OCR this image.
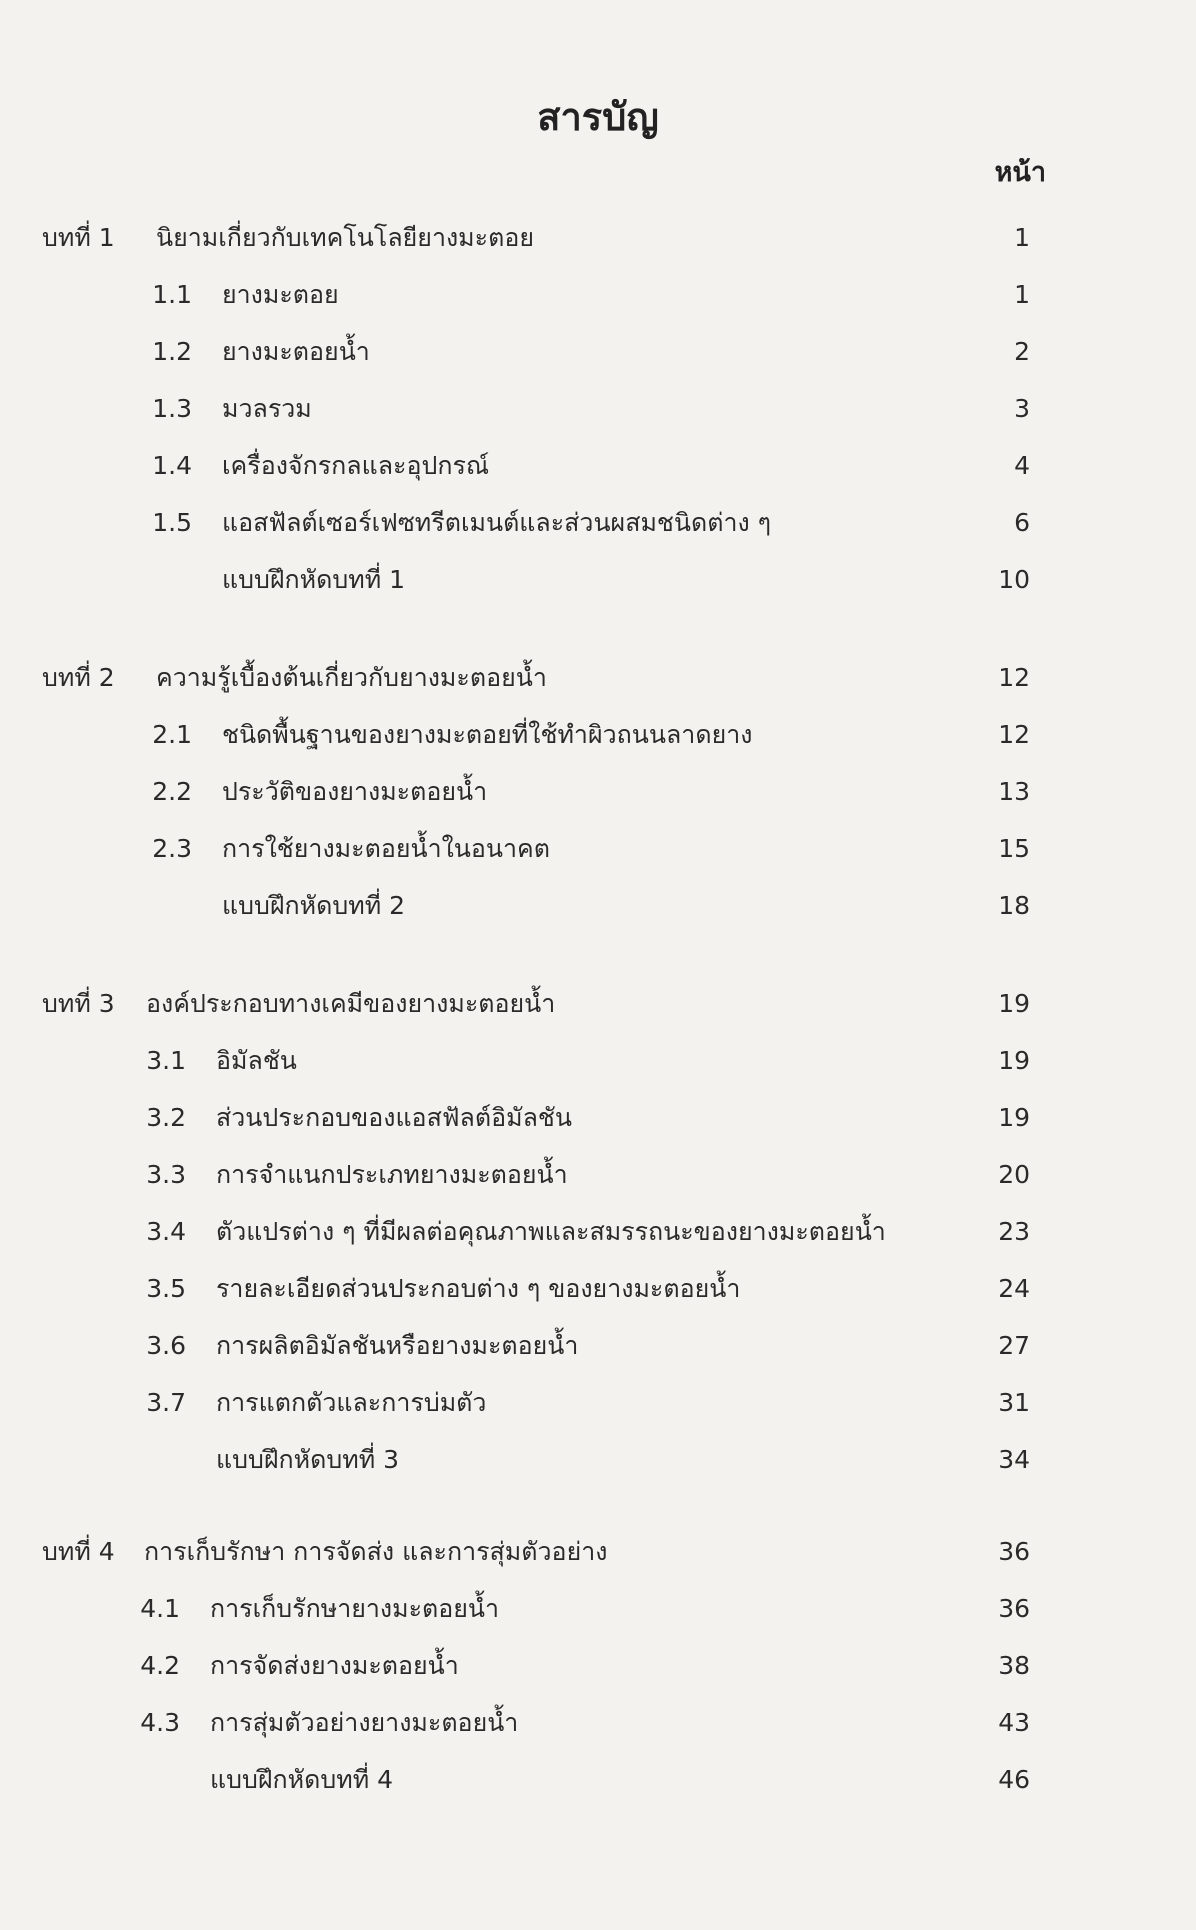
สารบัญ
หน้า
บทที่ 1 นิยามเกี่ยวกับเทคโนโลยียางมะตอย	1
1.1 ยางมะตอย	1
1.2 ยางมะตอยน้ำ	2
1.3 มวลรวม	3
1.4 เครื่องจักรกลและอุปกรณ์	4
1.5 แอสฟัลต์เซอร์เฟซทรีตเมนต์และส่วนผสมชนิดต่าง ๆ	6
แบบฝึกหัดบทที่ 1	10
บทที่ 2 ความรู้เบื้องต้นเกี่ยวกับยางมะตอยน้ำ	12
2.1 ชนิดพื้นฐานของยางมะตอยที่ใช้ทำผิวถนนลาดยาง	12
2.2 ประวัติของยางมะตอยน้ำ	13
2.3 การใช้ยางมะตอยน้ำในอนาคต	15
แบบฝึกหัดบทที่ 2	18
บทที่ 3 องค์ประกอบทางเคมีของยางมะตอยน้ำ	19
3.1 อิมัลชัน	19
3.2 ส่วนประกอบของแอสฟัลต์อิมัลชัน	19
3.3 การจำแนกประเภทยางมะตอยน้ำ	20
3.4 ตัวแปรต่าง ๆ ที่มีผลต่อคุณภาพและสมรรถนะของยางมะตอยน้ำ	23
3.5 รายละเอียดส่วนประกอบต่าง ๆ ของยางมะตอยน้ำ	24
3.6 การผลิตอิมัลชันหรือยางมะตอยน้ำ	27
3.7 การแตกตัวและการบ่มตัว	31
แบบฝึกหัดบทที่ 3	34
บทที่ 4 การเก็บรักษา การจัดส่ง และการสุ่มตัวอย่าง	36
4.1 การเก็บรักษายางมะตอยน้ำ	36
4.2 การจัดส่งยางมะตอยน้ำ	38
4.3 การสุ่มตัวอย่างยางมะตอยน้ำ	43
แบบฝึกหัดบทที่ 4	46
